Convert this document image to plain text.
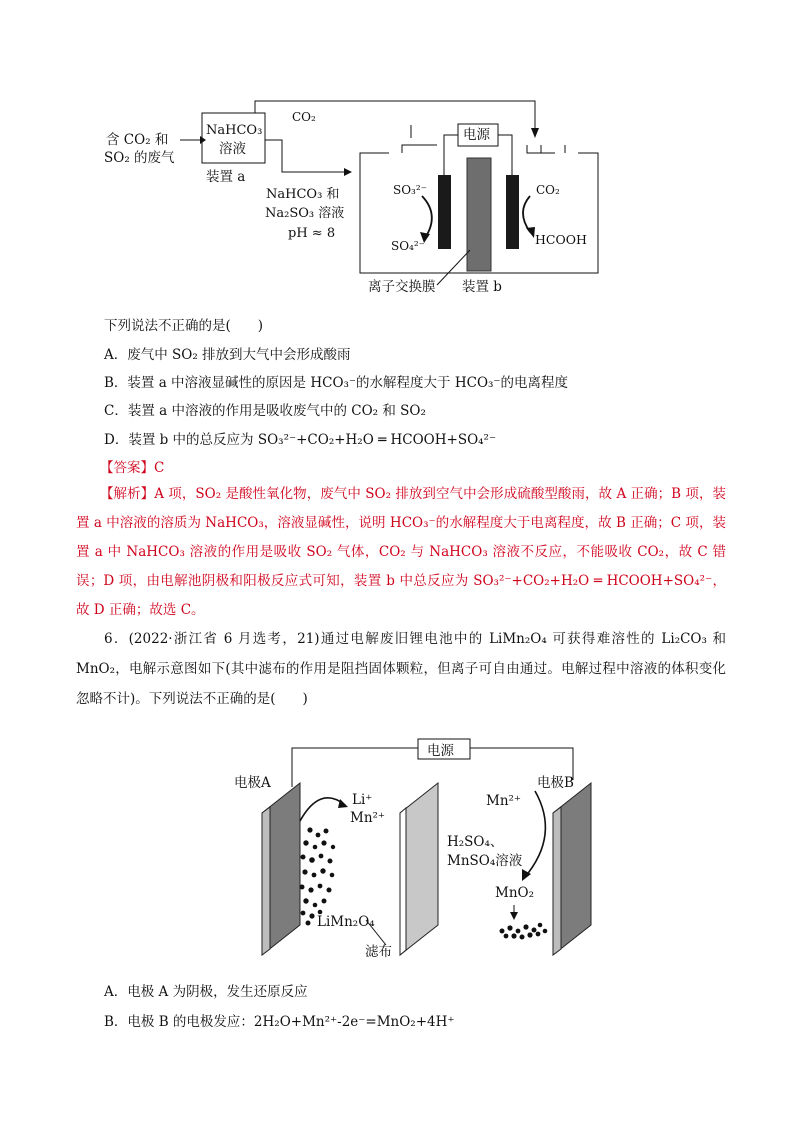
含 CO₂ 和
SO₂ 的废气
NaHCO₃
溶液
装置 a
CO₂
电源
NaHCO₃ 和
Na₂SO₃ 溶液
pH ≈ 8
SO₃²⁻
SO₄²⁻
CO₂
HCOOH
离子交换膜 装置 b
下列说法不正确的是(　　)
A．废气中 SO₂ 排放到大气中会形成酸雨
B．装置 a 中溶液显碱性的原因是 HCO₃⁻的水解程度大于 HCO₃⁻的电离程度
C．装置 a 中溶液的作用是吸收废气中的 CO₂ 和 SO₂
D．装置 b 中的总反应为 SO₃²⁻+CO₂+H₂O ═ HCOOH+SO₄²⁻
【答案】C
【解析】A 项，SO₂ 是酸性氧化物，废气中 SO₂ 排放到空气中会形成硫酸型酸雨，故 A 正确；B 项，装置 a 中溶液的溶质为 NaHCO₃，溶液显碱性，说明 HCO₃⁻的水解程度大于电离程度，故 B 正确；C 项，装置 a 中 NaHCO₃ 溶液的作用是吸收 SO₂ 气体，CO₂ 与 NaHCO₃ 溶液不反应，不能吸收 CO₂，故 C 错误；D 项，由电解池阴极和阳极反应式可知，装置 b 中总反应为 SO₃²⁻+CO₂+H₂O ═ HCOOH+SO₄²⁻，故 D 正确；故选 C。
6．(2022·浙江省 6 月选考，21)通过电解废旧锂电池中的 LiMn₂O₄ 可获得难溶性的 Li₂CO₃ 和 MnO₂，电解示意图如下(其中滤布的作用是阻挡固体颗粒，但离子可自由通过。电解过程中溶液的体积变化忽略不计)。下列说法不正确的是(　　)
电源
电极A	电极B
Li⁺
Mn²⁺
Mn²⁺
H₂SO₄、
MnSO₄溶液
MnO₂
LiMn₂O₄
滤布
A．电极 A 为阴极，发生还原反应
B．电极 B 的电极发应：2H₂O+Mn²⁺-2e⁻=MnO₂+4H⁺
